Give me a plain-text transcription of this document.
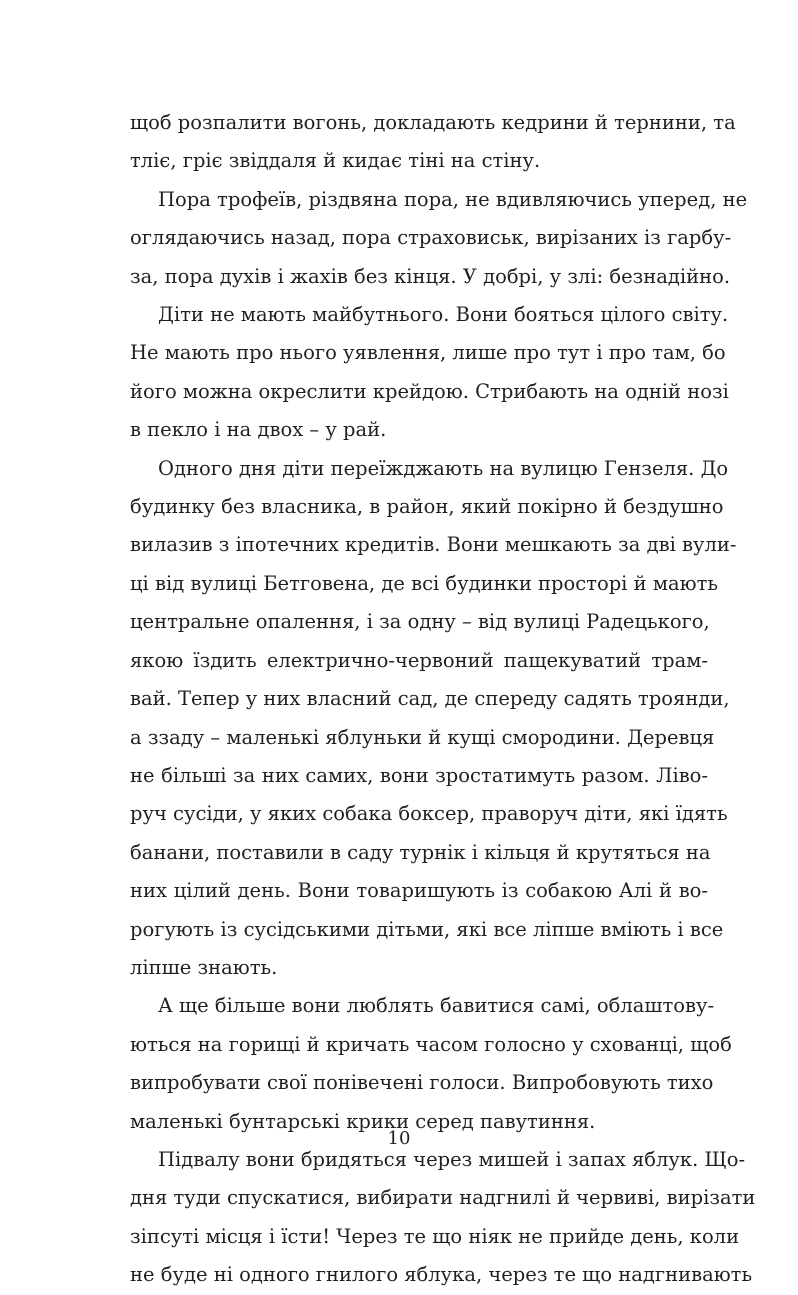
щоб розпалити вогонь, докладають кедрини й тернини, та
тліє, гріє звіддаля й кидає тіні на стіну.

Пора трофеїв, різдвяна пора, не вдивляючись уперед, не
оглядаючись назад, пора страховиськ, вирізаних із гарбу-
за, пора духів і жахів без кінця. У добрі, у злі: безнадійно.

Діти не мають майбутнього. Вони бояться цілого світу.
Не мають про нього уявлення, лише про тут і про там, бо
його можна окреслити крейдою. Стрибають на одній нозі
в пекло і на двох – у рай.

Одного дня діти переїжджають на вулицю Гензеля. До
будинку без власника, в район, який покірно й бездушно
вилазив з іпотечних кредитів. Вони мешкають за дві вули-
ці від вулиці Бетговена, де всі будинки просторі й мають
центральне опалення, і за одну – від вулиці Радецького,
якою їздить електрично-червоний пащекуватий трам-
вай. Тепер у них власний сад, де спереду садять троянди,
а ззаду – маленькі яблуньки й кущі смородини. Деревця
не більші за них самих, вони зростатимуть разом. Ліво-
руч сусіди, у яких собака боксер, праворуч діти, які їдять
банани, поставили в саду турнік і кільця й крутяться на
них цілий день. Вони товаришують із собакою Алі й во-
рогують із сусідськими дітьми, які все ліпше вміють і все
ліпше знають.

А ще більше вони люблять бавитися самі, облаштову-
ються на горищі й кричать часом голосно у схованці, щоб
випробувати свої понівечені голоси. Випробовують тихо
маленькі бунтарські крики серед павутиння.

Підвалу вони бридяться через мишей і запах яблук. Що-
дня туди спускатися, вибирати надгнилі й червиві, вирізати
зіпсуті місця і їсти! Через те що ніяк не прийде день, коли
не буде ні одного гнилого яблука, через те що надгнивають

10
